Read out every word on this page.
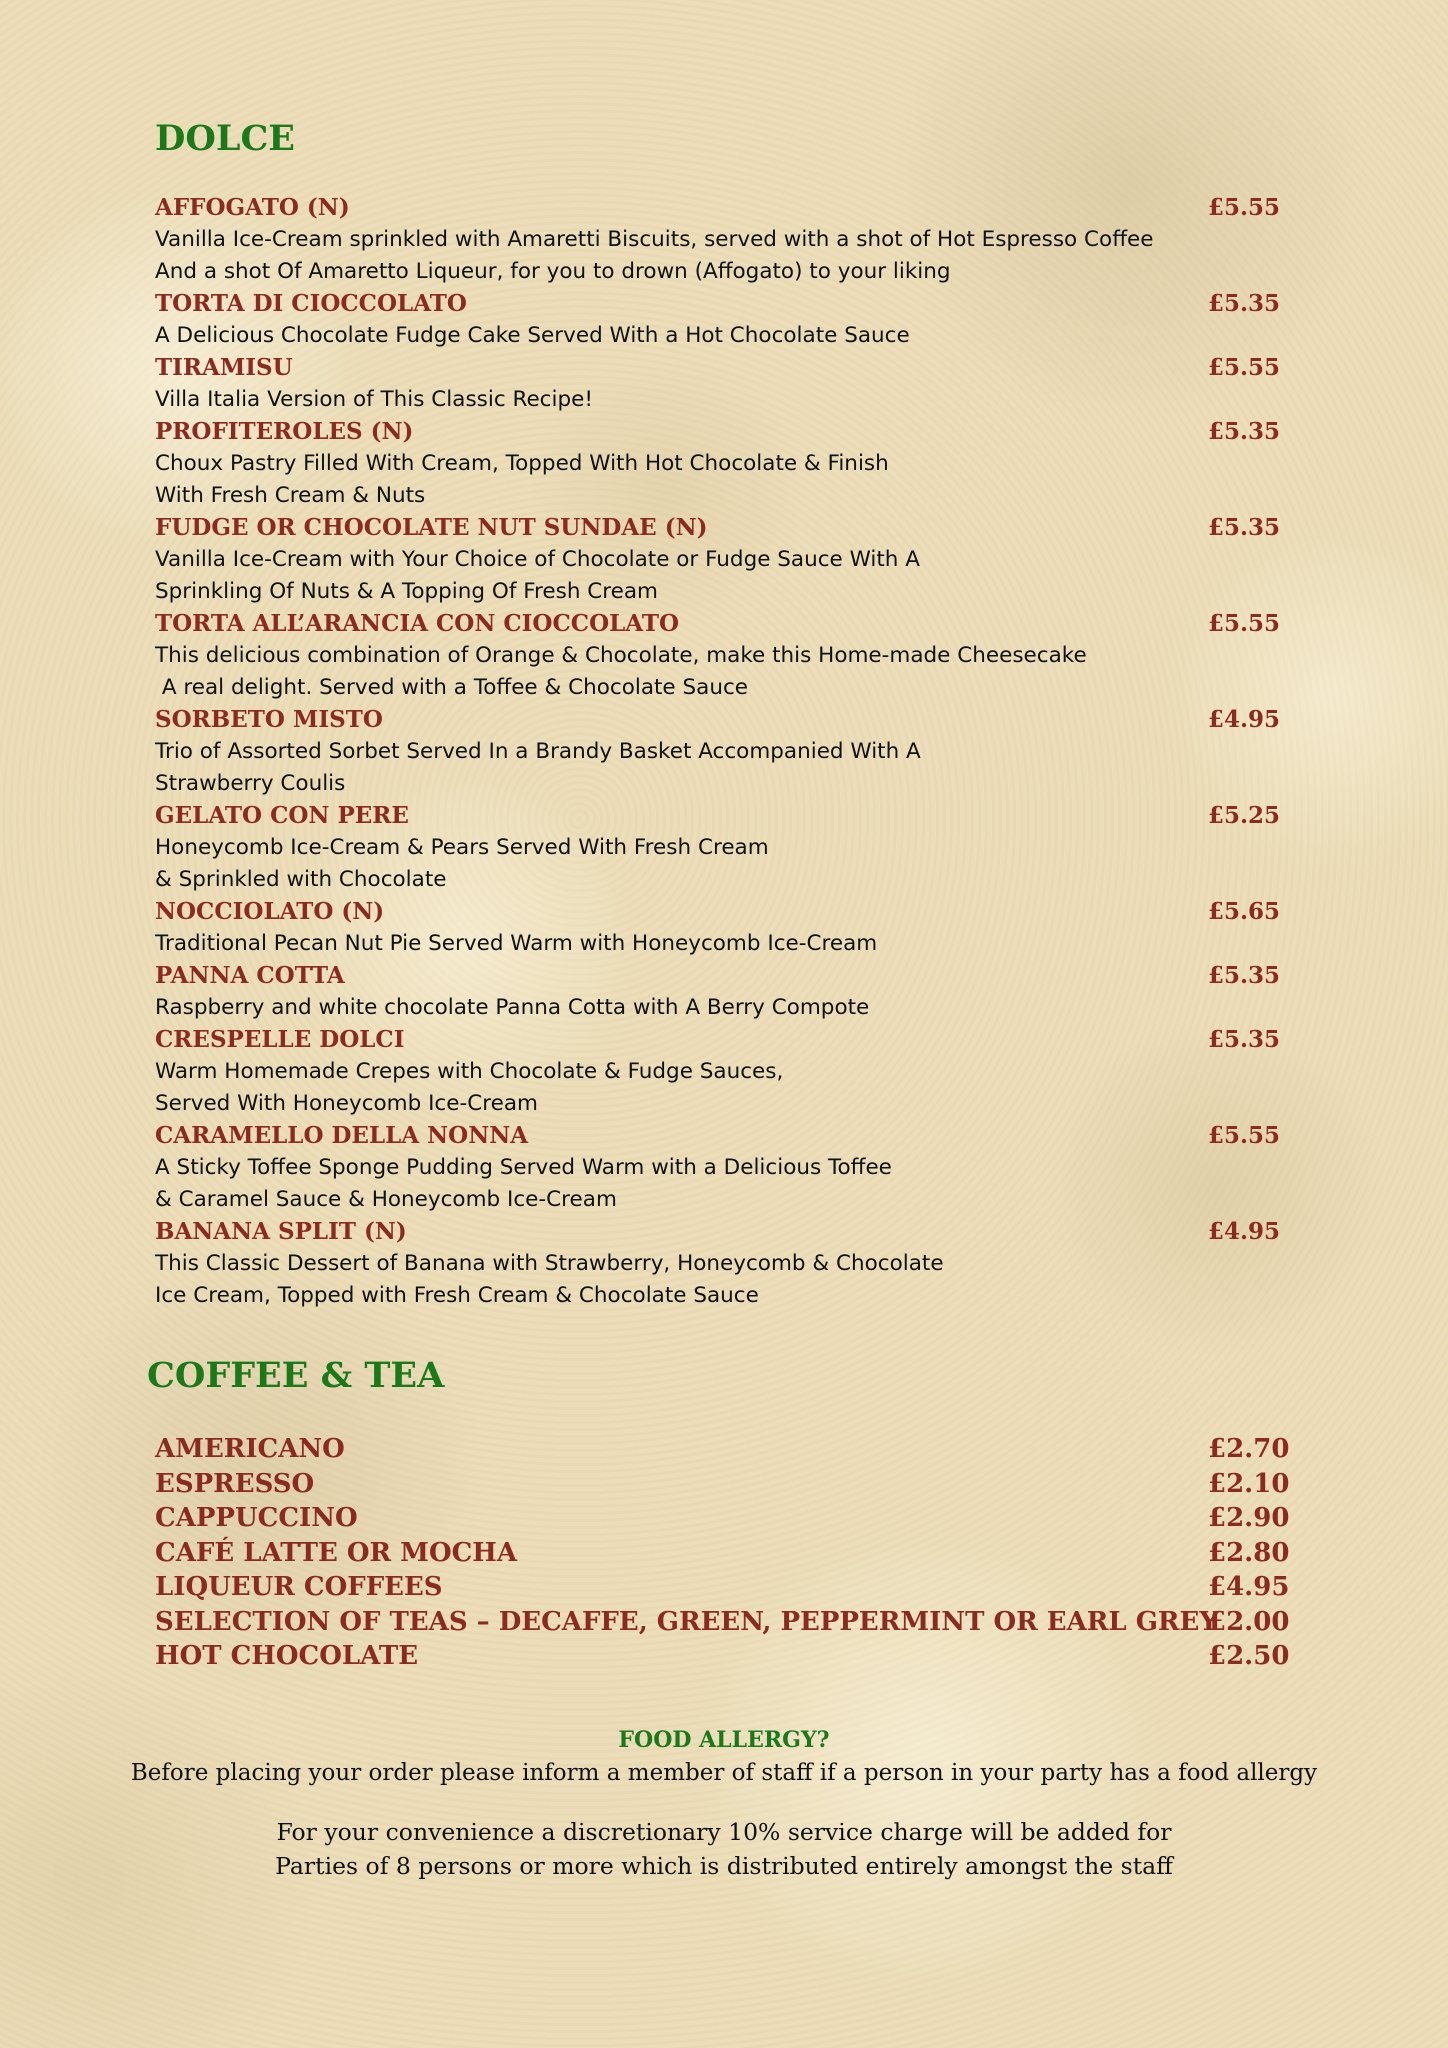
DOLCE
AFFOGATO (N)	£5.55
Vanilla Ice-Cream sprinkled with Amaretti Biscuits, served with a shot of Hot Espresso Coffee
And a shot Of Amaretto Liqueur, for you to drown (Affogato) to your liking
TORTA DI CIOCCOLATO	£5.35
A Delicious Chocolate Fudge Cake Served With a Hot Chocolate Sauce
TIRAMISU	£5.55
Villa Italia Version of This Classic Recipe!
PROFITEROLES (N)	£5.35
Choux Pastry Filled With Cream, Topped With Hot Chocolate & Finish
With Fresh Cream & Nuts
FUDGE OR CHOCOLATE NUT SUNDAE (N)	£5.35
Vanilla Ice-Cream with Your Choice of Chocolate or Fudge Sauce With A
Sprinkling Of Nuts & A Topping Of Fresh Cream
TORTA ALL’ARANCIA CON CIOCCOLATO	£5.55
This delicious combination of Orange & Chocolate, make this Home-made Cheesecake
A real delight. Served with a Toffee & Chocolate Sauce
SORBETO MISTO	£4.95
Trio of Assorted Sorbet Served In a Brandy Basket Accompanied With A
Strawberry Coulis
GELATO CON PERE	£5.25
Honeycomb Ice-Cream & Pears Served With Fresh Cream
& Sprinkled with Chocolate
NOCCIOLATO (N)	£5.65
Traditional Pecan Nut Pie Served Warm with Honeycomb Ice-Cream
PANNA COTTA	£5.35
Raspberry and white chocolate Panna Cotta with A Berry Compote
CRESPELLE DOLCI	£5.35
Warm Homemade Crepes with Chocolate & Fudge Sauces,
Served With Honeycomb Ice-Cream
CARAMELLO DELLA NONNA	£5.55
A Sticky Toffee Sponge Pudding Served Warm with a Delicious Toffee
& Caramel Sauce & Honeycomb Ice-Cream
BANANA SPLIT (N)	£4.95
This Classic Dessert of Banana with Strawberry, Honeycomb & Chocolate
Ice Cream, Topped with Fresh Cream & Chocolate Sauce
COFFEE & TEA
AMERICANO	£2.70
ESPRESSO	£2.10
CAPPUCCINO	£2.90
CAFÉ LATTE OR MOCHA	£2.80
LIQUEUR COFFEES	£4.95
SELECTION OF TEAS – DECAFFE, GREEN, PEPPERMINT OR EARL GREY
£2.00
HOT CHOCOLATE	£2.50
FOOD ALLERGY?
Before placing your order please inform a member of staff if a person in your party has a food allergy
For your convenience a discretionary 10% service charge will be added for
Parties of 8 persons or more which is distributed entirely amongst the staff
